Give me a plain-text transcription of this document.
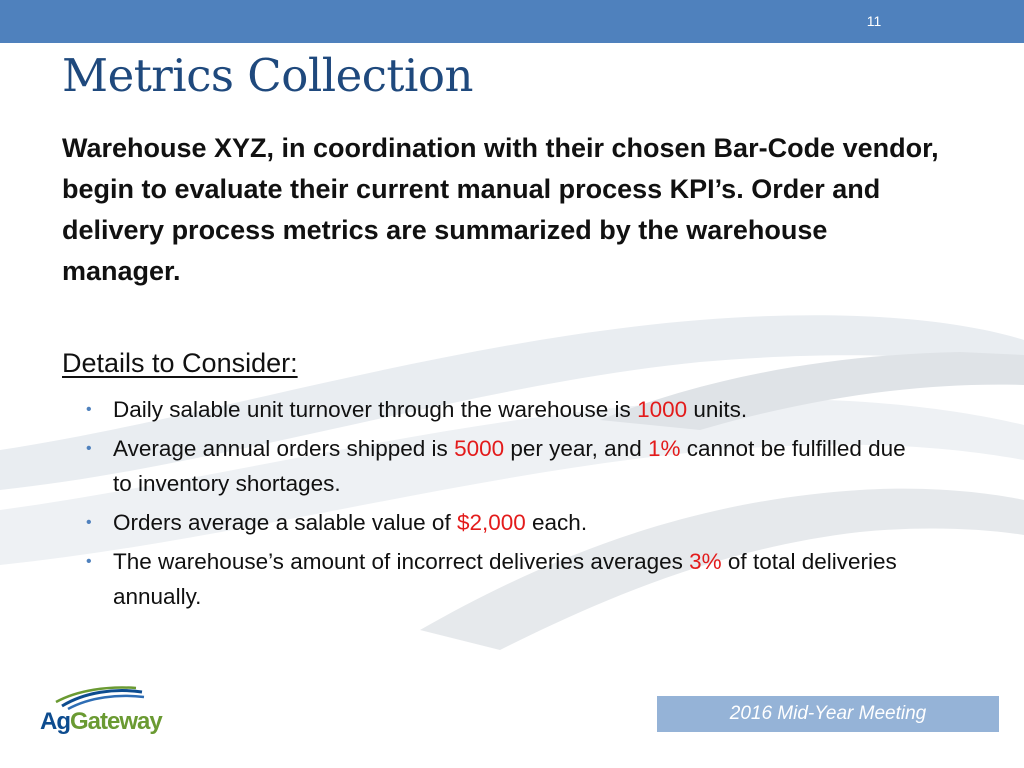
11
Metrics Collection

Warehouse XYZ, in coordination with their chosen Bar-Code vendor, begin to evaluate their current manual process KPI’s. Order and delivery process metrics are summarized by the warehouse manager.

Details to Consider:
• Daily salable unit turnover through the warehouse is 1000 units.
• Average annual orders shipped is 5000 per year, and 1% cannot be fulfilled due to inventory shortages.
• Orders average a salable value of $2,000 each.
• The warehouse’s amount of incorrect deliveries averages 3% of total deliveries annually.
AgGateway	2016 Mid-Year Meeting
